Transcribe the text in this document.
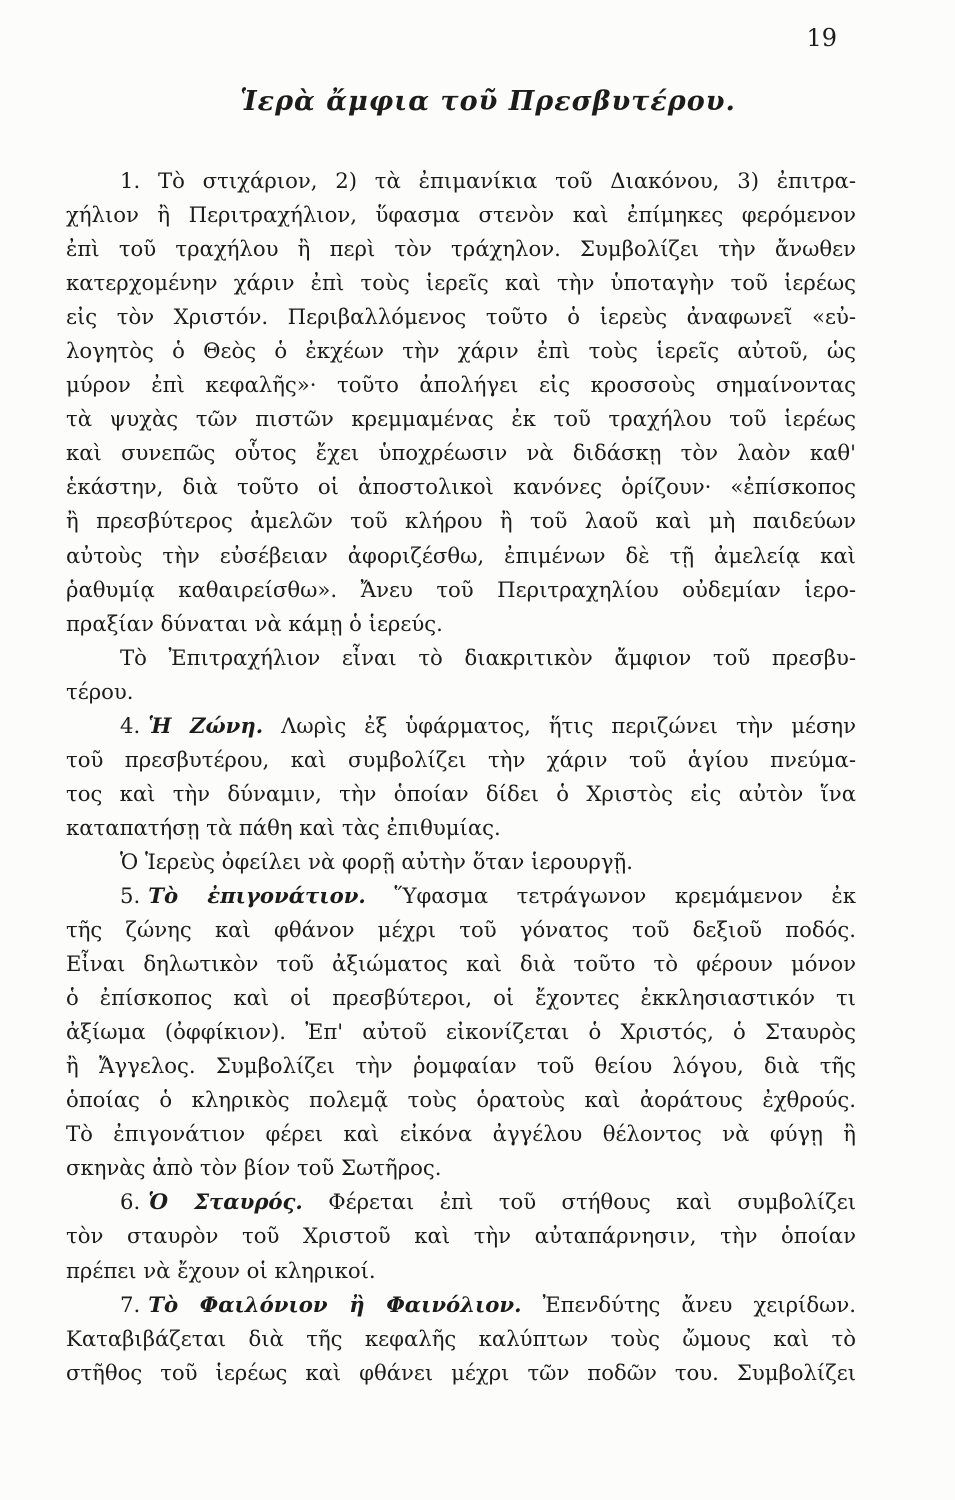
19
Ἱερὰ ἄμφια τοῦ Πρεσβυτέρου.
1. Τὸ στιχάριον, 2) τὰ ἐπιμανίκια τοῦ Διακόνου, 3) ἐπιτρα-
χήλιον ἢ Περιτραχήλιον, ὕφασμα στενὸν καὶ ἐπίμηκες φερόμενον
ἐπὶ τοῦ τραχήλου ἢ περὶ τὸν τράχηλον. Συμβολίζει τὴν ἄνωθεν
κατερχομένην χάριν ἐπὶ τοὺς ἱερεῖς καὶ τὴν ὑποταγὴν τοῦ ἱερέως
εἰς τὸν Χριστόν. Περιβαλλόμενος τοῦτο ὁ ἱερεὺς ἀναφωνεῖ «εὐ-
λογητὸς ὁ Θεὸς ὁ ἐκχέων τὴν χάριν ἐπὶ τοὺς ἱερεῖς αὐτοῦ, ὡς
μύρον ἐπὶ κεφαλῆς»· τοῦτο ἀπολήγει εἰς κροσσοὺς σημαίνοντας
τὰ ψυχὰς τῶν πιστῶν κρεμμαμένας ἐκ τοῦ τραχήλου τοῦ ἱερέως
καὶ συνεπῶς οὗτος ἔχει ὑποχρέωσιν νὰ διδάσκῃ τὸν λαὸν καθ'
ἑκάστην, διὰ τοῦτο οἱ ἀποστολικοὶ κανόνες ὁρίζουν· «ἐπίσκοπος
ἢ πρεσβύτερος ἀμελῶν τοῦ κλήρου ἢ τοῦ λαοῦ καὶ μὴ παιδεύων
αὐτοὺς τὴν εὐσέβειαν ἀφοριζέσθω, ἐπιμένων δὲ τῇ ἀμελείᾳ καὶ
ῥαθυμίᾳ καθαιρείσθω». Ἄνευ τοῦ Περιτραχηλίου οὐδεμίαν ἱερο-
πραξίαν δύναται νὰ κάμῃ ὁ ἱερεύς.
Τὸ Ἐπιτραχήλιον εἶναι τὸ διακριτικὸν ἄμφιον τοῦ πρεσβυ-
τέρου.
4. Ἡ Ζώνη. Λωρὶς ἐξ ὑφάρματος, ἥτις περιζώνει τὴν μέσην
τοῦ πρεσβυτέρου, καὶ συμβολίζει τὴν χάριν τοῦ ἁγίου πνεύμα-
τος καὶ τὴν δύναμιν, τὴν ὁποίαν δίδει ὁ Χριστὸς εἰς αὐτὸν ἵνα
καταπατήσῃ τὰ πάθη καὶ τὰς ἐπιθυμίας.
Ὁ Ἱερεὺς ὀφείλει νὰ φορῇ αὐτὴν ὅταν ἱερουργῇ.
5. Τὸ ἐπιγονάτιον. Ὕφασμα τετράγωνον κρεμάμενον ἐκ
τῆς ζώνης καὶ φθάνον μέχρι τοῦ γόνατος τοῦ δεξιοῦ ποδός.
Εἶναι δηλωτικὸν τοῦ ἀξιώματος καὶ διὰ τοῦτο τὸ φέρουν μόνον
ὁ ἐπίσκοπος καὶ οἱ πρεσβύτεροι, οἱ ἔχοντες ἐκκλησιαστικόν τι
ἀξίωμα (ὀφφίκιον). Ἐπ' αὐτοῦ εἰκονίζεται ὁ Χριστός, ὁ Σταυρὸς
ἢ Ἄγγελος. Συμβολίζει τὴν ῥομφαίαν τοῦ θείου λόγου, διὰ τῆς
ὁποίας ὁ κληρικὸς πολεμᾷ τοὺς ὁρατοὺς καὶ ἀοράτους ἐχθρούς.
Τὸ ἐπιγονάτιον φέρει καὶ εἰκόνα ἀγγέλου θέλοντος νὰ φύγῃ ἢ
σκηνὰς ἀπὸ τὸν βίον τοῦ Σωτῆρος.
6. Ὁ Σταυρός. Φέρεται ἐπὶ τοῦ στήθους καὶ συμβολίζει
τὸν σταυρὸν τοῦ Χριστοῦ καὶ τὴν αὐταπάρνησιν, τὴν ὁποίαν
πρέπει νὰ ἔχουν οἱ κληρικοί.
7. Τὸ Φαιλόνιον ἢ Φαινόλιον. Ἐπενδύτης ἄνευ χειρίδων.
Καταβιβάζεται διὰ τῆς κεφαλῆς καλύπτων τοὺς ὤμους καὶ τὸ
στῆθος τοῦ ἱερέως καὶ φθάνει μέχρι τῶν ποδῶν του. Συμβολίζει
